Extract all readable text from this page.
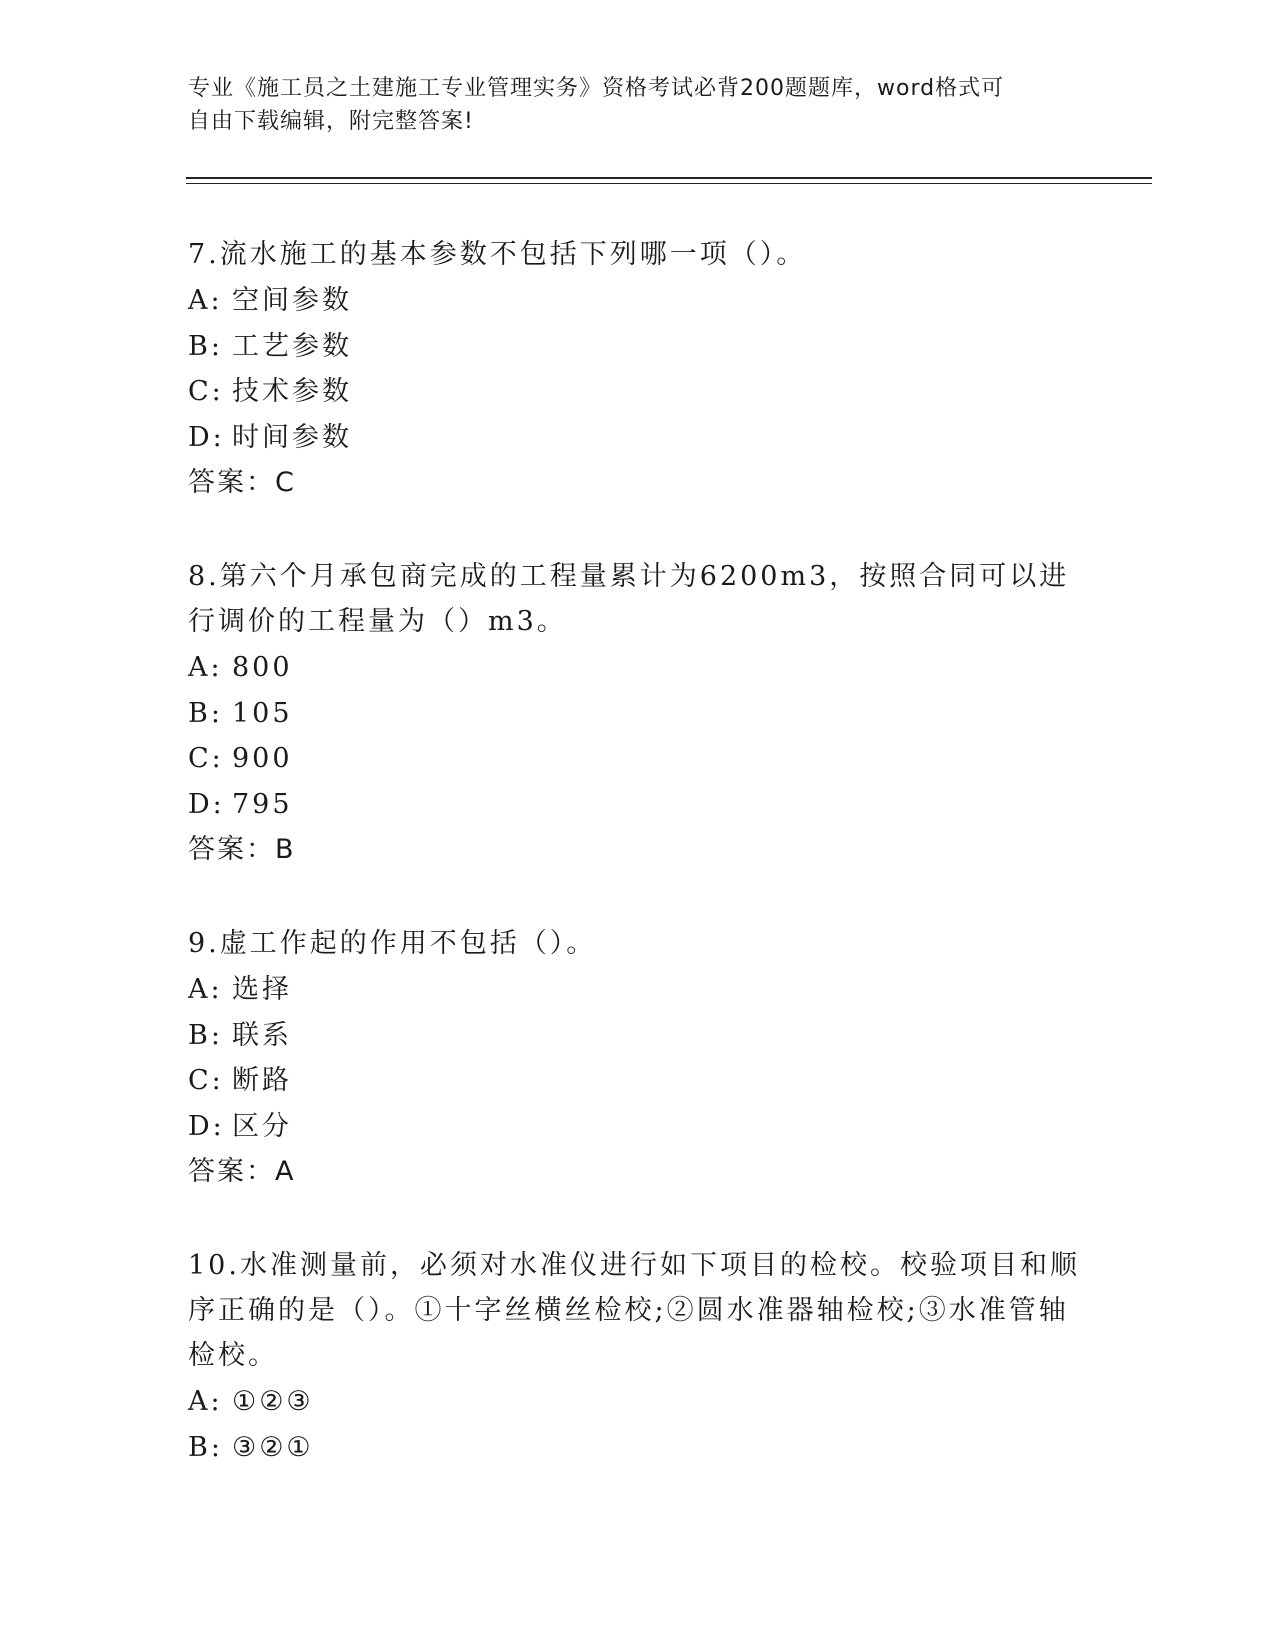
专业《施工员之土建施工专业管理实务》资格考试必背200题题库，word格式可
自由下载编辑，附完整答案!
7.流水施工的基本参数不包括下列哪一项（）。
A: 空间参数
B: 工艺参数
C: 技术参数
D: 时间参数
答案：C
8.第六个月承包商完成的工程量累计为6200m3，按照合同可以进行调价的工程量为（）m3。
A: 800
B: 105
C: 900
D: 795
答案：B
9.虚工作起的作用不包括（）。
A: 选择
B: 联系
C: 断路
D: 区分
答案：A
10.水准测量前，必须对水准仪进行如下项目的检校。校验项目和顺序正确的是（）。①十字丝横丝检校;②圆水准器轴检校;③水准管轴检校。
A: ①②③
B: ③②①
